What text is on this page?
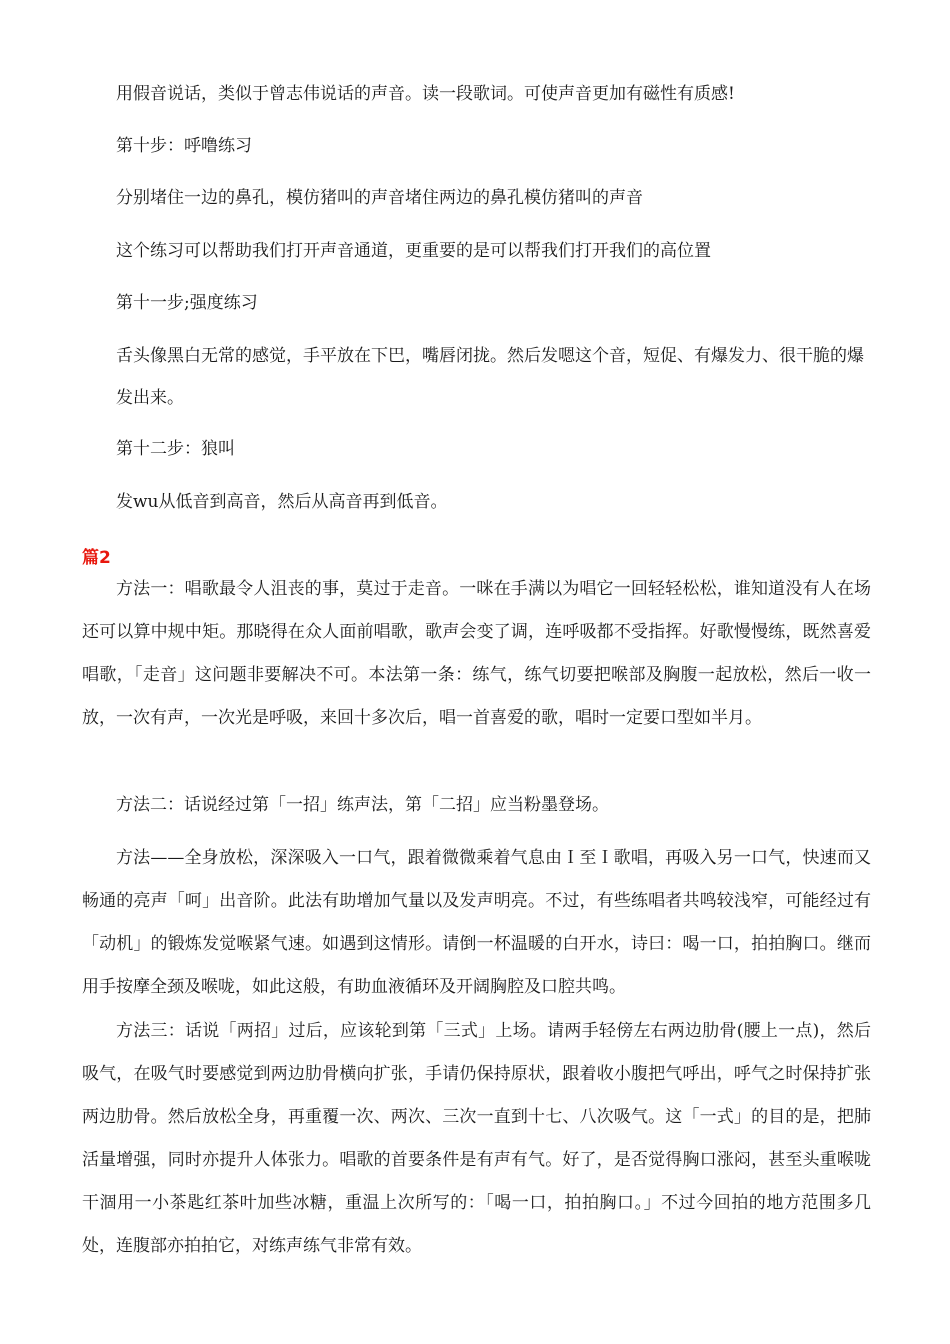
用假音说话，类似于曾志伟说话的声音。读一段歌词。可使声音更加有磁性有质感!

第十步：呼噜练习

分别堵住一边的鼻孔，模仿猪叫的声音堵住两边的鼻孔模仿猪叫的声音

这个练习可以帮助我们打开声音通道，更重要的是可以帮我们打开我们的高位置

第十一步;强度练习

舌头像黑白无常的感觉，手平放在下巴，嘴唇闭拢。然后发嗯这个音，短促、有爆发力、很干脆的爆发出来。

第十二步：狼叫

发wu从低音到高音，然后从高音再到低音。

篇2

方法一：唱歌最令人沮丧的事，莫过于走音。一咪在手满以为唱它一回轻轻松松，谁知道没有人在场还可以算中规中矩。那晓得在众人面前唱歌，歌声会变了调，连呼吸都不受指挥。好歌慢慢练，既然喜爱唱歌，「走音」这问题非要解决不可。本法第一条：练气，练气切要把喉部及胸腹一起放松，然后一收一放，一次有声，一次光是呼吸，来回十多次后，唱一首喜爱的歌，唱时一定要口型如半月。

方法二：话说经过第「一招」练声法，第「二招」应当粉墨登场。

方法——全身放松，深深吸入一口气，跟着微微乘着气息由Ｉ至Ｉ歌唱，再吸入另一口气，快速而又畅通的亮声「呵」出音阶。此法有助增加气量以及发声明亮。不过，有些练唱者共鸣较浅窄，可能经过有「动机」的锻炼发觉喉紧气速。如遇到这情形。请倒一杯温暖的白开水，诗曰：喝一口，拍拍胸口。继而用手按摩全颈及喉咙，如此这般，有助血液循环及开阔胸腔及口腔共鸣。

方法三：话说「两招」过后，应该轮到第「三式」上场。请两手轻傍左右两边肋骨(腰上一点)，然后吸气，在吸气时要感觉到两边肋骨横向扩张，手请仍保持原状，跟着收小腹把气呼出，呼气之时保持扩张两边肋骨。然后放松全身，再重覆一次、两次、三次一直到十七、八次吸气。这「一式」的目的是，把肺活量增强，同时亦提升人体张力。唱歌的首要条件是有声有气。好了，是否觉得胸口涨闷，甚至头重喉咙干涸用一小茶匙红茶叶加些冰糖，重温上次所写的：「喝一口，拍拍胸口。」不过今回拍的地方范围多几处，连腹部亦拍拍它，对练声练气非常有效。
